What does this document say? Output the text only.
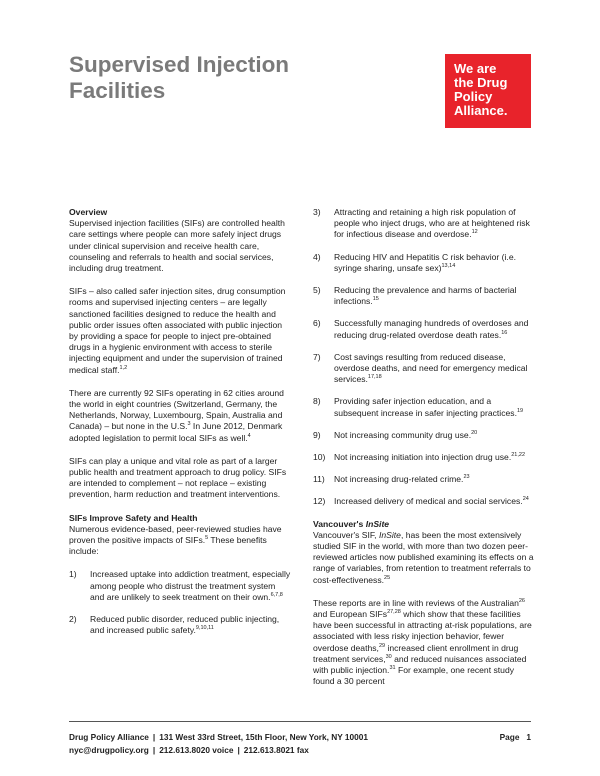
Supervised Injection
Facilities
We are
the Drug
Policy
Alliance.

Overview

Supervised injection facilities (SIFs) are controlled health care settings where people can more safely inject drugs under clinical supervision and receive health care, counseling and referrals to health and social services, including drug treatment.

SIFs – also called safer injection sites, drug consumption rooms and supervised injecting centers – are legally sanctioned facilities designed to reduce the health and public order issues often associated with public injection by providing a space for people to inject pre-obtained drugs in a hygienic environment with access to sterile injecting equipment and under the supervision of trained medical staff.$^{1,2}$

There are currently 92 SIFs operating in 62 cities around the world in eight countries (Switzerland, Germany, the Netherlands, Norway, Luxembourg, Spain, Australia and Canada) – but none in the U.S.$^3$ In June 2012, Denmark adopted legislation to permit local SIFs as well.$^4$

SIFs can play a unique and vital role as part of a larger public health and treatment approach to drug policy. SIFs are intended to complement – not replace – existing prevention, harm reduction and treatment interventions.

SIFs Improve Safety and Health

Numerous evidence-based, peer-reviewed studies have proven the positive impacts of SIFs.$^5$ These benefits include:

1)	Increased uptake into addiction treatment, especially among people who distrust the treatment system and are unlikely to seek treatment on their own.$^{6,7,8}$
2)	Reduced public disorder, reduced public injecting, and increased public safety.$^{9,10,11}$
3)	Attracting and retaining a high risk population of people who inject drugs, who are at heightened risk for infectious disease and overdose.$^{12}$
4)	Reducing HIV and Hepatitis C risk behavior (i.e. syringe sharing, unsafe sex)$^{13,14}$
5)	Reducing the prevalence and harms of bacterial infections.$^{15}$
6)	Successfully managing hundreds of overdoses and reducing drug-related overdose death rates.$^{16}$
7)	Cost savings resulting from reduced disease, overdose deaths, and need for emergency medical services.$^{17,18}$
8)	Providing safer injection education, and a subsequent increase in safer injecting practices.$^{19}$
9)	Not increasing community drug use.$^{20}$
10) Not increasing initiation into injection drug use.$^{21,22}$
11)	Not increasing drug-related crime.$^{23}$
12) Increased delivery of medical and social services.$^{24}$

Vancouver's InSite

Vancouver's SIF, InSite, has been the most extensively studied SIF in the world, with more than two dozen peer-reviewed articles now published examining its effects on a range of variables, from retention to treatment referrals to cost-effectiveness.$^{25}$

These reports are in line with reviews of the Australian$^{26}$ and European SIFs$^{27,28}$ which show that these facilities have been successful in attracting at-risk populations, are associated with less risky injection behavior, fewer overdose deaths,$^{29}$ increased client enrollment in drug treatment services,$^{30}$ and reduced nuisances associated with public injection.$^{31}$ For example, one recent study found a 30 percent

Drug Policy Alliance | 131 West 33rd Street, 15th Floor, New York, NY 10001
nyc@drugpolicy.org | 212.613.8020 voice | 212.613.8021 fax
Page 1
